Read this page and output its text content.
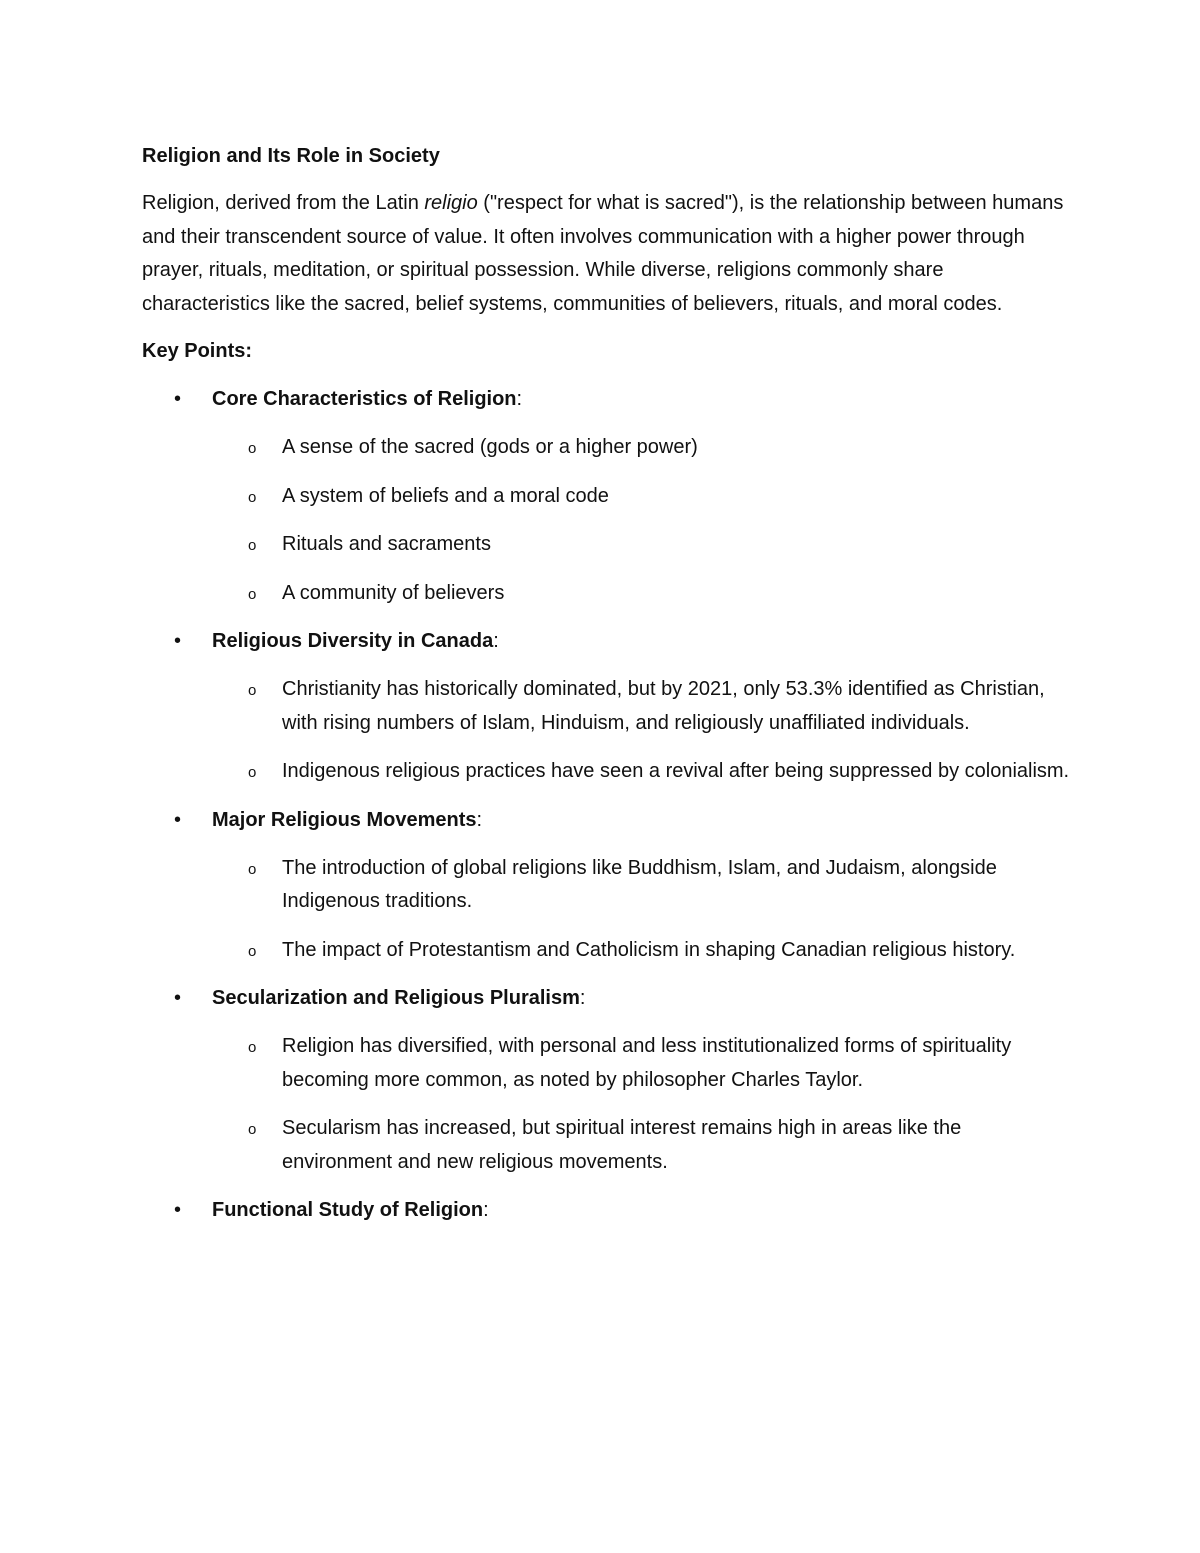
Religion and Its Role in Society

Religion, derived from the Latin religio ("respect for what is sacred"), is the relationship between humans and their transcendent source of value. It often involves communication with a higher power through prayer, rituals, meditation, or spiritual possession. While diverse, religions commonly share characteristics like the sacred, belief systems, communities of believers, rituals, and moral codes.

Key Points:
• Core Characteristics of Religion:
o A sense of the sacred (gods or a higher power)
o A system of beliefs and a moral code
o Rituals and sacraments
o A community of believers
• Religious Diversity in Canada:
o Christianity has historically dominated, but by 2021, only 53.3% identified as Christian, with rising numbers of Islam, Hinduism, and religiously unaffiliated individuals.
o Indigenous religious practices have seen a revival after being suppressed by colonialism.
• Major Religious Movements:
o The introduction of global religions like Buddhism, Islam, and Judaism, alongside Indigenous traditions.
o The impact of Protestantism and Catholicism in shaping Canadian religious history.
• Secularization and Religious Pluralism:
o Religion has diversified, with personal and less institutionalized forms of spirituality becoming more common, as noted by philosopher Charles Taylor.
o Secularism has increased, but spiritual interest remains high in areas like the environment and new religious movements.
• Functional Study of Religion:
